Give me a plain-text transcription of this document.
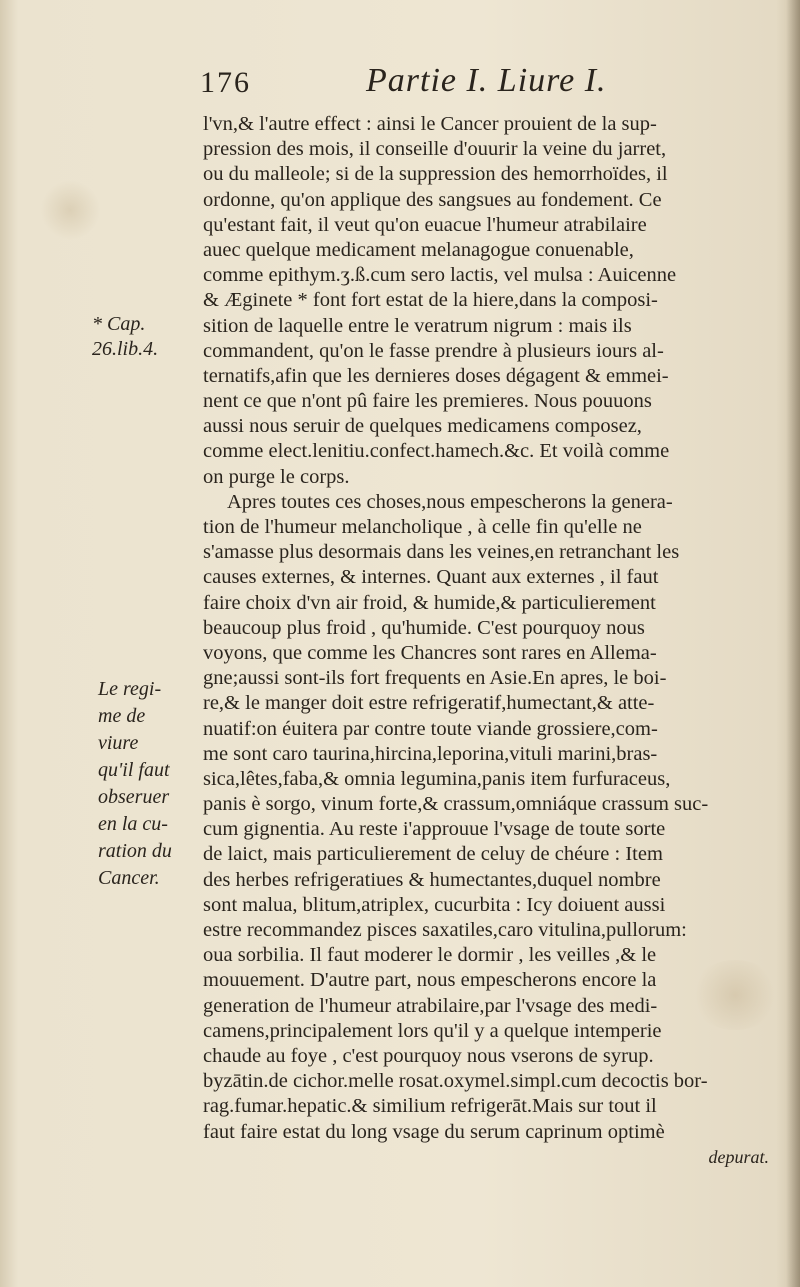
176	Partie I. Liure I.
* Cap.
26.lib.4.
Le regi-
me de
viure
qu'il faut
obseruer
en la cu-
ration du
Cancer.
l'vn,& l'autre effect : ainsi le Cancer prouient de la sup-
pression des mois, il conseille d'ouurir la veine du jarret,
ou du malleole; si de la suppression des hemorrhoïdes, il
ordonne, qu'on applique des sangsues au fondement. Ce
qu'estant fait, il veut qu'on euacue l'humeur atrabilaire
auec quelque medicament melanagogue conuenable,
comme epithym.ʒ.ß.cum sero lactis, vel mulsa : Auicenne
& Æginete * font fort estat de la hiere,dans la composi-
sition de laquelle entre le veratrum nigrum : mais ils
commandent, qu'on le fasse prendre à plusieurs iours al-
ternatifs,afin que les dernieres doses dégagent & emmei-
nent ce que n'ont pû faire les premieres. Nous pouuons
aussi nous seruir de quelques medicamens composez,
comme elect.lenitiu.confect.hamech.&c. Et voilà comme
on purge le corps.
Apres toutes ces choses,nous empescherons la genera-
tion de l'humeur melancholique , à celle fin qu'elle ne
s'amasse plus desormais dans les veines,en retranchant les
causes externes, & internes. Quant aux externes , il faut
faire choix d'vn air froid, & humide,& particulierement
beaucoup plus froid , qu'humide. C'est pourquoy nous
voyons, que comme les Chancres sont rares en Allema-
gne;aussi sont-ils fort frequents en Asie.En apres, le boi-
re,& le manger doit estre refrigeratif,humectant,& atte-
nuatif:on éuitera par contre toute viande grossiere,com-
me sont caro taurina,hircina,leporina,vituli marini,bras-
sica,lêtes,faba,& omnia legumina,panis item furfuraceus,
panis è sorgo, vinum forte,& crassum,omniáque crassum suc-
cum gignentia. Au reste i'approuue l'vsage de toute sorte
de laict, mais particulierement de celuy de chéure : Item
des herbes refrigeratiues & humectantes,duquel nombre
sont malua, blitum,atriplex, cucurbita : Icy doiuent aussi
estre recommandez pisces saxatiles,caro vitulina,pullorum:
oua sorbilia. Il faut moderer le dormir , les veilles ,& le
mouuement. D'autre part, nous empescherons encore la
generation de l'humeur atrabilaire,par l'vsage des medi-
camens,principalement lors qu'il y a quelque intemperie
chaude au foye , c'est pourquoy nous vserons de syrup.
byzātin.de cichor.melle rosat.oxymel.simpl.cum decoctis bor-
rag.fumar.hepatic.& similium refrigerāt.Mais sur tout il
faut faire estat du long vsage du serum caprinum optimè
depurat.
